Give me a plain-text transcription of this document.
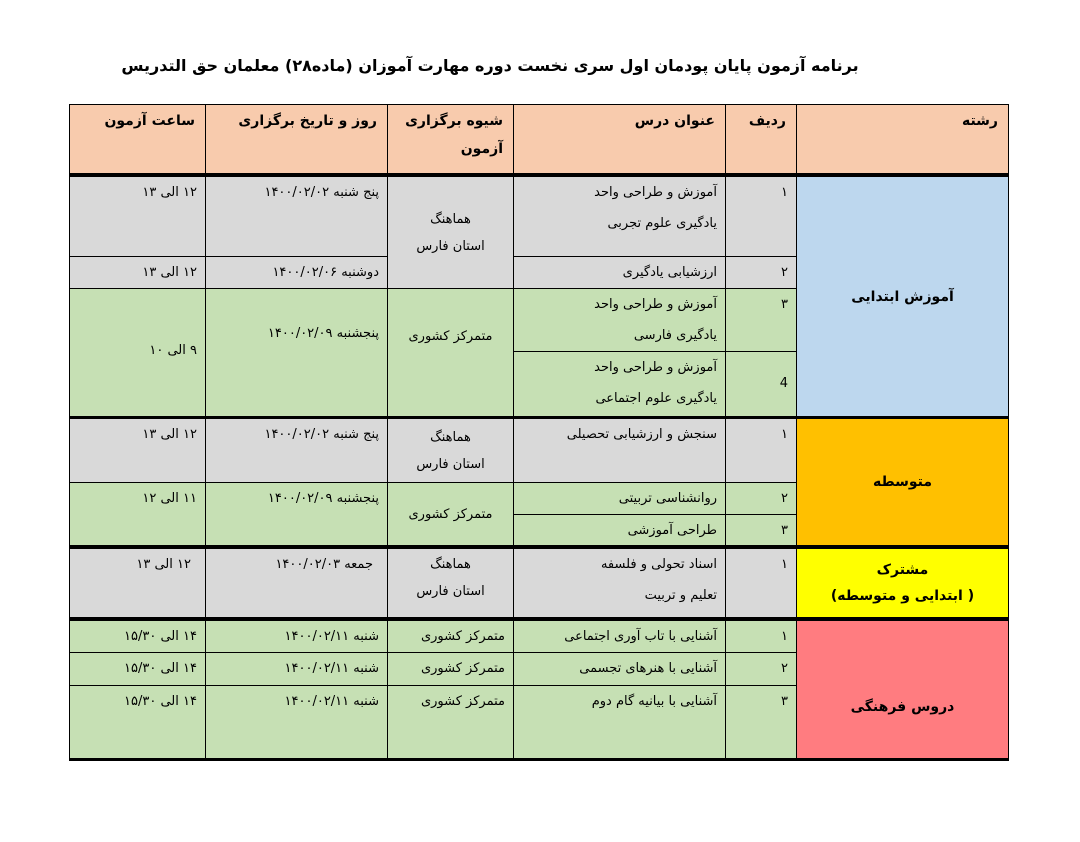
برنامه آزمون پایان پودمان اول سری نخست دوره مهارت آموزان (ماده۲۸) معلمان حق التدریس
رشته
ردیف
عنوان درس
شیوه برگزاری
آزمون
روز و تاریخ برگزاری
ساعت آزمون
آموزش ابتدایی
۱
آموزش و طراحی واحد
یادگیری علوم تجربی
هماهنگ
استان فارس
پنج شنبه ۱۴۰۰/۰۲/۰۲
۱۲ الی ۱۳
۲
ارزشیابی یادگیری
دوشنبه ۱۴۰۰/۰۲/۰۶
۱۲ الی ۱۳
۳
آموزش و طراحی واحد
یادگیری فارسی
متمرکز کشوری
پنجشنبه ۱۴۰۰/۰۲/۰۹
۹ الی ۱۰
4
آموزش و طراحی واحد
یادگیری علوم اجتماعی
متوسطه
۱
سنجش و ارزشیابی تحصیلی
هماهنگ
استان فارس
پنج شنبه ۱۴۰۰/۰۲/۰۲
۱۲ الی ۱۳
۲
روانشناسی تربیتی
متمرکز کشوری
پنجشنبه ۱۴۰۰/۰۲/۰۹
۱۱ الی ۱۲
۳
طراحی آموزشی
مشترک
( ابتدایی و متوسطه)
۱
اسناد تحولی و فلسفه
تعلیم و تربیت
هماهنگ
استان فارس
جمعه ۱۴۰۰/۰۲/۰۳
۱۲ الی ۱۳
دروس فرهنگی
۱
آشنایی با تاب آوری اجتماعی
متمرکز کشوری
شنبه ۱۴۰۰/۰۲/۱۱
۱۴ الی ۱۵/۳۰
۲
آشنایی با هنرهای تجسمی
متمرکز کشوری
شنبه ۱۴۰۰/۰۲/۱۱
۱۴ الی ۱۵/۳۰
۳
آشنایی با بیانیه گام دوم
متمرکز کشوری
شنبه ۱۴۰۰/۰۲/۱۱
۱۴ الی ۱۵/۳۰
